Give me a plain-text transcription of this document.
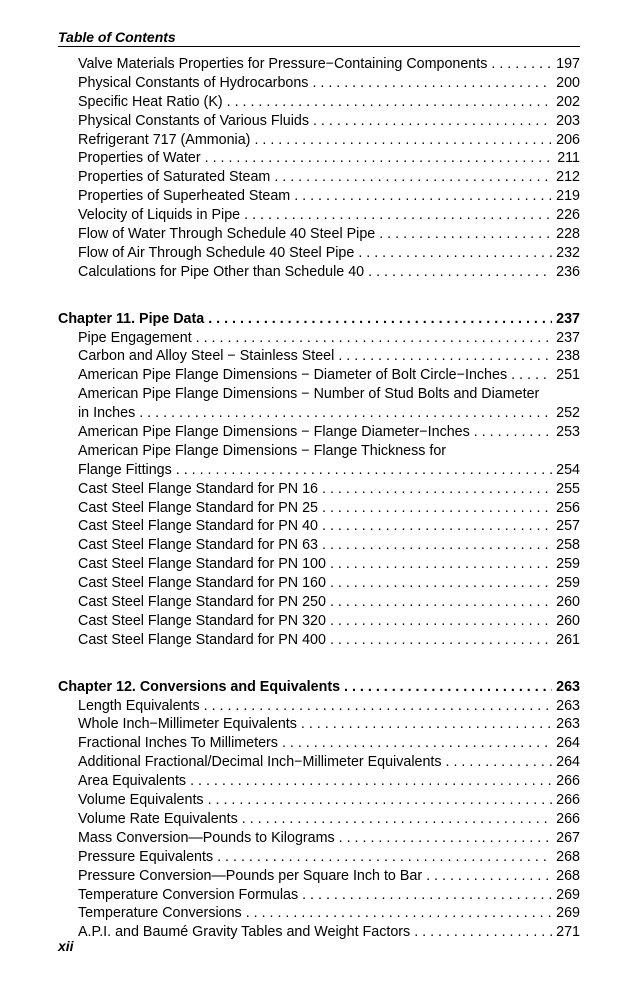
Table of Contents
Valve Materials Properties for Pressure−Containing Components . . .	197
Physical Constants of Hydrocarbons . . .	200
Specific Heat Ratio (K) . . .	202
Physical Constants of Various Fluids . . .	203
Refrigerant 717 (Ammonia) . . .	206
Properties of Water . . .	211
Properties of Saturated Steam . . .	212
Properties of Superheated Steam . . .	219
Velocity of Liquids in Pipe . . .	226
Flow of Water Through Schedule 40 Steel Pipe . . .	228
Flow of Air Through Schedule 40 Steel Pipe . . .	232
Calculations for Pipe Other than Schedule 40 . . .	236
Chapter 11. Pipe Data . . .	237
Pipe Engagement . . .	237
Carbon and Alloy Steel − Stainless Steel . . .	238
American Pipe Flange Dimensions − Diameter of Bolt Circle−Inches . . .	251
American Pipe Flange Dimensions − Number of Stud Bolts and Diameter
in Inches . . .	252
American Pipe Flange Dimensions − Flange Diameter−Inches . . .	253
American Pipe Flange Dimensions − Flange Thickness for
Flange Fittings . . .	254
Cast Steel Flange Standard for PN 16 . . .	255
Cast Steel Flange Standard for PN 25 . . .	256
Cast Steel Flange Standard for PN 40 . . .	257
Cast Steel Flange Standard for PN 63 . . .	258
Cast Steel Flange Standard for PN 100 . . .	259
Cast Steel Flange Standard for PN 160 . . .	259
Cast Steel Flange Standard for PN 250 . . .	260
Cast Steel Flange Standard for PN 320 . . .	260
Cast Steel Flange Standard for PN 400 . . .	261
Chapter 12. Conversions and Equivalents . . .	263
Length Equivalents . . .	263
Whole Inch−Millimeter Equivalents . . .	263
Fractional Inches To Millimeters . . .	264
Additional Fractional/Decimal Inch−Millimeter Equivalents . . .	264
Area Equivalents . . .	266
Volume Equivalents . . .	266
Volume Rate Equivalents . . .	266
Mass Conversion—Pounds to Kilograms . . .	267
Pressure Equivalents . . .	268
Pressure Conversion—Pounds per Square Inch to Bar . . .	268
Temperature Conversion Formulas . . .	269
Temperature Conversions . . .	269
A.P.I. and Baumé Gravity Tables and Weight Factors . . .	271
xii
